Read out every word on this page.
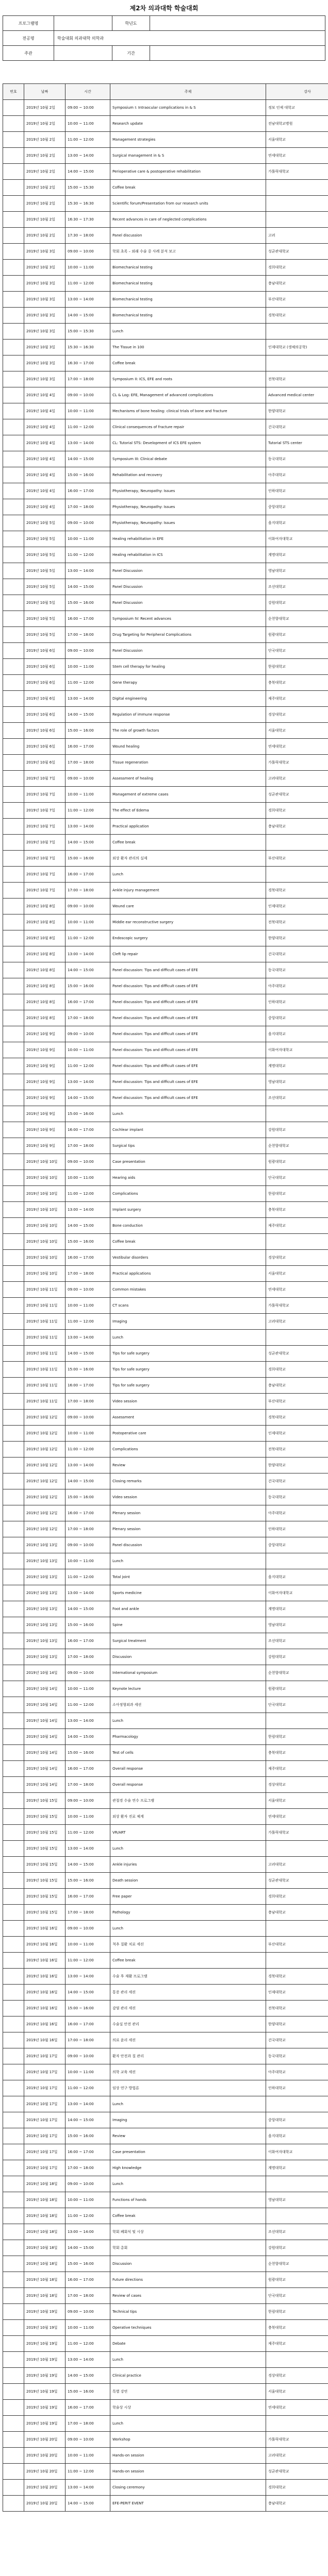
제2차 의과대학 학술대회
프로그램명		학년도	
전공명	학술대회 의과대학 의학과		
주관		기간	
번호	날짜	시간	주제	강사
	2019년 10월 2일	09:00 ~ 10:00	Symposium I: Intraocular complications in & S	정보 인제 대학교
	2019년 10월 2일	10:00 ~ 11:00	Research update	전남대학교병원
	2019년 10월 2일	11:00 ~ 12:00	Management strategies	서울대학교
	2019년 10월 2일	13:00 ~ 14:00	Surgical management in & S	연세대학교
	2019년 10월 2일	14:00 ~ 15:00	Perioperative care & postoperative rehabilitation	가톨릭대학교
	2019년 10월 2일	15:00 ~ 15:30	Coffee break	
	2019년 10월 2일	15:30 ~ 16:30	Scientific forum/Presentation from our research units	
	2019년 10월 2일	16:30 ~ 17:30	Recent advances in care of neglected complications	
	2019년 10월 2일	17:30 ~ 18:00	Panel discussion	고려
	2019년 10월 3일	09:00 ~ 10:00	학회 초록 – 외래 수술 중 사례 분석 보고	성균관대학교
	2019년 10월 3일	10:00 ~ 11:00	Biomechanical testing	경희대학교
	2019년 10월 3일	11:00 ~ 12:00	Biomechanical testing	충남대학교
	2019년 10월 3일	13:00 ~ 14:00	Biomechanical testing	부산대학교
	2019년 10월 3일	14:00 ~ 15:00	Biomechanical testing	경북대학교
	2019년 10월 3일	15:00 ~ 15:30	Lunch	
	2019년 10월 3일	15:30 ~ 16:30	The Tissue in 100	인제대학교 (생체의공학)
	2019년 10월 3일	16:30 ~ 17:00	Coffee break	
	2019년 10월 3일	17:00 ~ 18:00	Symposium II: ICS, EFE and roots	전북대학교
	2019년 10월 4일	09:00 ~ 10:00	CL & Log: EFE, Management of advanced complications	Advanced medical center
	2019년 10월 4일	10:00 ~ 11:00	Mechanisms of bone healing: clinical trials of bone and fracture	한양대학교
	2019년 10월 4일	11:00 ~ 12:00	Clinical consequences of fracture repair	건국대학교
	2019년 10월 4일	13:00 ~ 14:00	CL: Tutorial STS: Development of ICS EFE system	Tutorial STS center
	2019년 10월 4일	14:00 ~ 15:00	Symposium III: Clinical debate	동국대학교
	2019년 10월 4일	15:00 ~ 16:00	Rehabilitation and recovery	아주대학교
	2019년 10월 4일	16:00 ~ 17:00	Physiotherapy, Neuropathy: Issues	인하대학교
	2019년 10월 4일	17:00 ~ 18:00	Physiotherapy, Neuropathy: Issues	중앙대학교
	2019년 10월 5일	09:00 ~ 10:00	Physiotherapy, Neuropathy: Issues	을지대학교
	2019년 10월 5일	10:00 ~ 11:00	Healing rehabilitation in EFE	이화여자대학교
	2019년 10월 5일	11:00 ~ 12:00	Healing rehabilitation in ICS	계명대학교
	2019년 10월 5일	13:00 ~ 14:00	Panel Discussion	영남대학교
	2019년 10월 5일	14:00 ~ 15:00	Panel Discussion	조선대학교
	2019년 10월 5일	15:00 ~ 16:00	Panel Discussion	강원대학교
	2019년 10월 5일	16:00 ~ 17:00	Symposium IV: Recent advances	순천향대학교
	2019년 10월 5일	17:00 ~ 18:00	Drug Targeting for Peripheral Complications	원광대학교
	2019년 10월 6일	09:00 ~ 10:00	Panel Discussion	단국대학교
	2019년 10월 6일	10:00 ~ 11:00	Stem cell therapy for healing	한림대학교
	2019년 10월 6일	11:00 ~ 12:00	Gene therapy	충북대학교
	2019년 10월 6일	13:00 ~ 14:00	Digital engineering	제주대학교
	2019년 10월 6일	14:00 ~ 15:00	Regulation of immune response	경상대학교
	2019년 10월 6일	15:00 ~ 16:00	The role of growth factors	서울대학교
	2019년 10월 6일	16:00 ~ 17:00	Wound healing	연세대학교
	2019년 10월 6일	17:00 ~ 18:00	Tissue regeneration	가톨릭대학교
	2019년 10월 7일	09:00 ~ 10:00	Assessment of healing	고려대학교
	2019년 10월 7일	10:00 ~ 11:00	Management of extreme cases	성균관대학교
	2019년 10월 7일	11:00 ~ 12:00	The effect of Edema	경희대학교
	2019년 10월 7일	13:00 ~ 14:00	Practical application	충남대학교
	2019년 10월 7일	14:00 ~ 15:00	Coffee break	
	2019년 10월 7일	15:00 ~ 16:00	외상 환자 관리의 실제	부산대학교
	2019년 10월 7일	16:00 ~ 17:00	Lunch	
	2019년 10월 7일	17:00 ~ 18:00	Ankle injury management	경북대학교
	2019년 10월 8일	09:00 ~ 10:00	Wound care	인제대학교
	2019년 10월 8일	10:00 ~ 11:00	Middle ear reconstructive surgery	전북대학교
	2019년 10월 8일	11:00 ~ 12:00	Endoscopic surgery	한양대학교
	2019년 10월 8일	13:00 ~ 14:00	Cleft lip repair	건국대학교
	2019년 10월 8일	14:00 ~ 15:00	Panel discussion: Tips and difficult cases of EFE	동국대학교
	2019년 10월 8일	15:00 ~ 16:00	Panel discussion: Tips and difficult cases of EFE	아주대학교
	2019년 10월 8일	16:00 ~ 17:00	Panel discussion: Tips and difficult cases of EFE	인하대학교
	2019년 10월 8일	17:00 ~ 18:00	Panel discussion: Tips and difficult cases of EFE	중앙대학교
	2019년 10월 9일	09:00 ~ 10:00	Panel discussion: Tips and difficult cases of EFE	을지대학교
	2019년 10월 9일	10:00 ~ 11:00	Panel discussion: Tips and difficult cases of EFE	이화여자대학교
	2019년 10월 9일	11:00 ~ 12:00	Panel discussion: Tips and difficult cases of EFE	계명대학교
	2019년 10월 9일	13:00 ~ 14:00	Panel discussion: Tips and difficult cases of EFE	영남대학교
	2019년 10월 9일	14:00 ~ 15:00	Panel discussion: Tips and difficult cases of EFE	조선대학교
	2019년 10월 9일	15:00 ~ 16:00	Lunch	
	2019년 10월 9일	16:00 ~ 17:00	Cochlear implant	강원대학교
	2019년 10월 9일	17:00 ~ 18:00	Surgical tips	순천향대학교
	2019년 10월 10일	09:00 ~ 10:00	Case presentation	원광대학교
	2019년 10월 10일	10:00 ~ 11:00	Hearing aids	단국대학교
	2019년 10월 10일	11:00 ~ 12:00	Complications	한림대학교
	2019년 10월 10일	13:00 ~ 14:00	Implant surgery	충북대학교
	2019년 10월 10일	14:00 ~ 15:00	Bone conduction	제주대학교
	2019년 10월 10일	15:00 ~ 16:00	Coffee break	
	2019년 10월 10일	16:00 ~ 17:00	Vestibular disorders	경상대학교
	2019년 10월 10일	17:00 ~ 18:00	Practical applications	서울대학교
	2019년 10월 11일	09:00 ~ 10:00	Common mistakes	연세대학교
	2019년 10월 11일	10:00 ~ 11:00	CT scans	가톨릭대학교
	2019년 10월 11일	11:00 ~ 12:00	Imaging	고려대학교
	2019년 10월 11일	13:00 ~ 14:00	Lunch	
	2019년 10월 11일	14:00 ~ 15:00	Tips for safe surgery	성균관대학교
	2019년 10월 11일	15:00 ~ 16:00	Tips for safe surgery	경희대학교
	2019년 10월 11일	16:00 ~ 17:00	Tips for safe surgery	충남대학교
	2019년 10월 11일	17:00 ~ 18:00	Video session	부산대학교
	2019년 10월 12일	09:00 ~ 10:00	Assessment	경북대학교
	2019년 10월 12일	10:00 ~ 11:00	Postoperative care	인제대학교
	2019년 10월 12일	11:00 ~ 12:00	Complications	전북대학교
	2019년 10월 12일	13:00 ~ 14:00	Review	한양대학교
	2019년 10월 12일	14:00 ~ 15:00	Closing remarks	건국대학교
	2019년 10월 12일	15:00 ~ 16:00	Video session	동국대학교
	2019년 10월 12일	16:00 ~ 17:00	Plenary session	아주대학교
	2019년 10월 12일	17:00 ~ 18:00	Plenary session	인하대학교
	2019년 10월 13일	09:00 ~ 10:00	Panel discussion	중앙대학교
	2019년 10월 13일	10:00 ~ 11:00	Lunch	
	2019년 10월 13일	11:00 ~ 12:00	Total joint	을지대학교
	2019년 10월 13일	13:00 ~ 14:00	Sports medicine	이화여자대학교
	2019년 10월 13일	14:00 ~ 15:00	Foot and ankle	계명대학교
	2019년 10월 13일	15:00 ~ 16:00	Spine	영남대학교
	2019년 10월 13일	16:00 ~ 17:00	Surgical treatment	조선대학교
	2019년 10월 13일	17:00 ~ 18:00	Discussion	강원대학교
	2019년 10월 14일	09:00 ~ 10:00	International symposium	순천향대학교
	2019년 10월 14일	10:00 ~ 11:00	Keynote lecture	원광대학교
	2019년 10월 14일	11:00 ~ 12:00	소아정형외과 세션	단국대학교
	2019년 10월 14일	13:00 ~ 14:00	Lunch	
	2019년 10월 14일	14:00 ~ 15:00	Pharmacology	한림대학교
	2019년 10월 14일	15:00 ~ 16:00	Test of cells	충북대학교
	2019년 10월 14일	16:00 ~ 17:00	Overall response	제주대학교
	2019년 10월 14일	17:00 ~ 18:00	Overall response	경상대학교
	2019년 10월 15일	09:00 ~ 10:00	관절경 수술 연수 프로그램	서울대학교
	2019년 10월 15일	10:00 ~ 11:00	외상 환자 진료 체계	연세대학교
	2019년 10월 15일	11:00 ~ 12:00	VR/ART	가톨릭대학교
	2019년 10월 15일	13:00 ~ 14:00	Lunch	
	2019년 10월 15일	14:00 ~ 15:00	Ankle injuries	고려대학교
	2019년 10월 15일	15:00 ~ 16:00	Death session	성균관대학교
	2019년 10월 15일	16:00 ~ 17:00	Free paper	경희대학교
	2019년 10월 15일	17:00 ~ 18:00	Pathology	충남대학교
	2019년 10월 16일	09:00 ~ 10:00	Lunch	
	2019년 10월 16일	10:00 ~ 11:00	척추 질환 치료 세션	부산대학교
	2019년 10월 16일	11:00 ~ 12:00	Coffee break	
	2019년 10월 16일	13:00 ~ 14:00	수술 후 재활 프로그램	경북대학교
	2019년 10월 16일	14:00 ~ 15:00	통증 관리 세션	인제대학교
	2019년 10월 16일	15:00 ~ 16:00	감염 관리 세션	전북대학교
	2019년 10월 16일	16:00 ~ 17:00	수술실 안전 관리	한양대학교
	2019년 10월 16일	17:00 ~ 18:00	의료 윤리 세션	건국대학교
	2019년 10월 17일	09:00 ~ 10:00	환자 안전과 질 관리	동국대학교
	2019년 10월 17일	10:00 ~ 11:00	의학 교육 세션	아주대학교
	2019년 10월 17일	11:00 ~ 12:00	임상 연구 방법론	인하대학교
	2019년 10월 17일	13:00 ~ 14:00	Lunch	
	2019년 10월 17일	14:00 ~ 15:00	Imaging	중앙대학교
	2019년 10월 17일	15:00 ~ 16:00	Review	을지대학교
	2019년 10월 17일	16:00 ~ 17:00	Case presentation	이화여자대학교
	2019년 10월 17일	17:00 ~ 18:00	High knowledge	계명대학교
	2019년 10월 18일	09:00 ~ 10:00	Lunch	
	2019년 10월 18일	10:00 ~ 11:00	Functions of hands	영남대학교
	2019년 10월 18일	11:00 ~ 12:00	Coffee break	
	2019년 10월 18일	13:00 ~ 14:00	학회 폐회식 및 시상	조선대학교
	2019년 10월 18일	14:00 ~ 15:00	학회 총회	강원대학교
	2019년 10월 18일	15:00 ~ 16:00	Discussion	순천향대학교
	2019년 10월 18일	16:00 ~ 17:00	Future directions	원광대학교
	2019년 10월 18일	17:00 ~ 18:00	Review of cases	단국대학교
	2019년 10월 19일	09:00 ~ 10:00	Technical tips	한림대학교
	2019년 10월 19일	10:00 ~ 11:00	Operative techniques	충북대학교
	2019년 10월 19일	11:00 ~ 12:00	Debate	제주대학교
	2019년 10월 19일	13:00 ~ 14:00	Lunch	
	2019년 10월 19일	14:00 ~ 15:00	Clinical practice	경상대학교
	2019년 10월 19일	15:00 ~ 16:00	특별 강연	서울대학교
	2019년 10월 19일	16:00 ~ 17:00	학술상 시상	연세대학교
	2019년 10월 19일	17:00 ~ 18:00	Lunch	
	2019년 10월 20일	09:00 ~ 10:00	Workshop	가톨릭대학교
	2019년 10월 20일	10:00 ~ 11:00	Hands-on session	고려대학교
	2019년 10월 20일	11:00 ~ 12:00	Hands-on session	성균관대학교
	2019년 10월 20일	13:00 ~ 14:00	Closing ceremony	경희대학교
	2019년 10월 20일	14:00 ~ 15:00	EFE-PERIT EVENT	충남대학교
